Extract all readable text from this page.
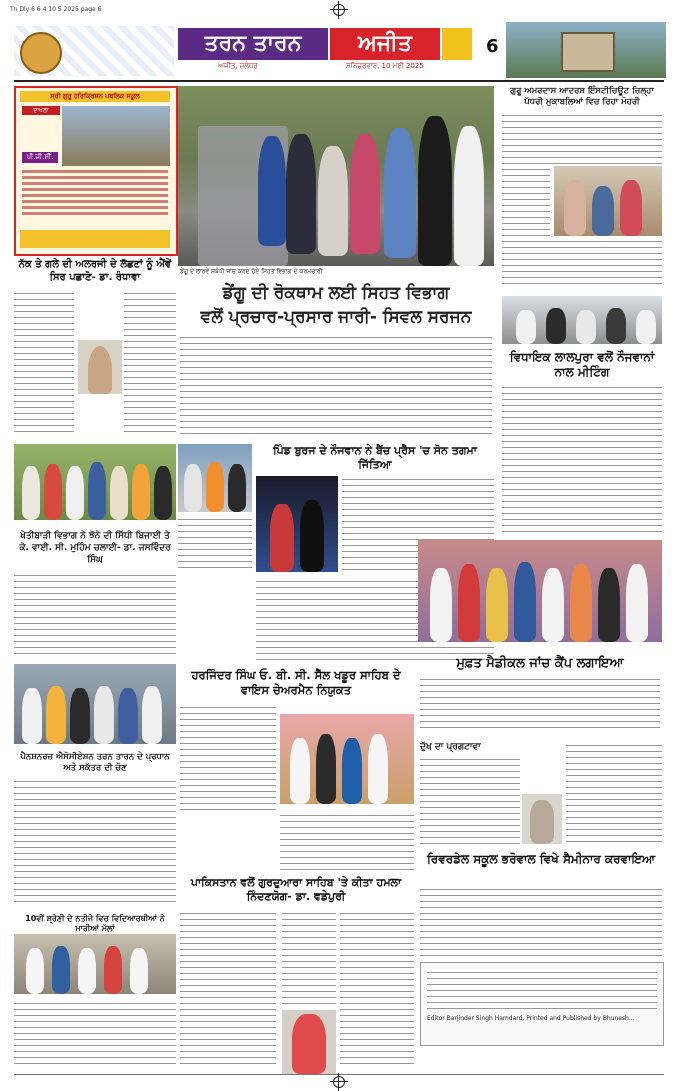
Tn Dly 6 6 4 10 5 2025 page 6
ਤਰਨ ਤਾਰਨ	ਅਜੀਤ
ਅਜੀਤ, ਜਲੰਧਰ	ਸ਼ਨਿਚਰਵਾਰ, 10 ਮਈ 2025
6
ਸ੍ਰੀ ਗੁਰੂ ਹਰਿਕ੍ਰਿਸ਼ਨ ਪਬਲਿਕ ਸਕੂਲ
ਦਾਖਲਾ
ਪੀ.ਜੀ.ਸੀ.
ਡੇਂਗੂ ਦੇ ਲਾਰਵੇ ਸਬੰਧੀ ਜਾਂਚ ਕਰਦੇ ਹੋਏ ਸਿਹਤ ਵਿਭਾਗ ਦੇ ਕਰਮਚਾਰੀ
ਗੁਰੂ ਅਮਰਦਾਸ ਆਦਰਸ਼ ਇੰਸਟੀਚਿਊਟ ਜ਼ਿਲ੍ਹਾ ਪੱਧਰੀ ਮੁਕਾਬਲਿਆਂ ਵਿਚ ਰਿਹਾ ਮੋਹਰੀ
ਵਿਧਾਇਕ ਲਾਲਪੁਰਾ ਵਲੋਂ ਨੌਜਵਾਨਾਂ ਨਾਲ ਮੀਟਿੰਗ
ਨੱਕ ਤੇ ਗਲੇ ਦੀ ਅਲਰਜੀ ਦੇ ਲੱਛਣਾਂ ਨੂੰ ਐਂਵੇਂ ਸਿਰ ਪਛਾਣੋ- ਡਾ. ਰੰਧਾਵਾ
ਡੇਂਗੂ ਦੀ ਰੋਕਥਾਮ ਲਈ ਸਿਹਤ ਵਿਭਾਗ
ਵਲੋਂ ਪ੍ਰਚਾਰ-ਪ੍ਰਸਾਰ ਜਾਰੀ- ਸਿਵਲ ਸਰਜਨ
ਖੇਤੀਬਾੜੀ ਵਿਭਾਗ ਨੇ ਝੋਨੇ ਦੀ ਸਿੱਧੀ ਬਿਜਾਈ ਤੇ ਕੇ. ਵਾਈ. ਸੀ. ਮੁਹਿੰਮ ਚਲਾਈ- ਡਾ. ਜਸਵਿੰਦਰ ਸਿੰਘ
ਪਿੰਡ ਬੁਰਜ ਦੇ ਨੌਜਵਾਨ ਨੇ ਬੈਂਚ ਪ੍ਰੈੱਸ 'ਚ ਸੋਨ ਤਗਮਾ ਜਿੱਤਿਆ
ਮੁਫ਼ਤ ਮੈਡੀਕਲ ਜਾਂਚ ਕੈਂਪ ਲਗਾਇਆ
ਹਰਜਿੰਦਰ ਸਿੰਘ ਓ. ਬੀ. ਸੀ. ਸੈੱਲ ਖਡੂਰ ਸਾਹਿਬ ਦੇ ਵਾਇਸ ਚੇਅਰਮੈਨ ਨਿਯੁਕਤ
ਪੈਨਸ਼ਨਰਜ਼ ਐਸੋਸੀਏਸ਼ਨ ਤਰਨ ਤਾਰਨ ਦੇ ਪ੍ਰਧਾਨ ਅਤੇ ਸਕੱਤਰ ਦੀ ਚੋਣ
ਦੁੱਖ ਦਾ ਪ੍ਰਗਟਾਵਾ
ਰਿਵਰਡੇਲ ਸਕੂਲ ਭਰੋਵਾਲ ਵਿਖੇ ਸੈਮੀਨਾਰ ਕਰਵਾਇਆ
ਪਾਕਿਸਤਾਨ ਵਲੋਂ ਗੁਰਦੁਆਰਾ ਸਾਹਿਬ 'ਤੇ ਕੀਤਾ ਹਮਲਾ ਨਿੰਦਣਯੋਗ- ਡਾ. ਵਡੇਪੁਰੀ
10ਵੀਂ ਸ਼੍ਰੇਣੀ ਦੇ ਨਤੀਜੇ ਵਿਚ ਵਿਦਿਆਰਥੀਆਂ ਨੇ ਮਾਰੀਆਂ ਮੱਲਾਂ
Editor Barjinder Singh Hamdard, Printed and Published by Bhunesh...
